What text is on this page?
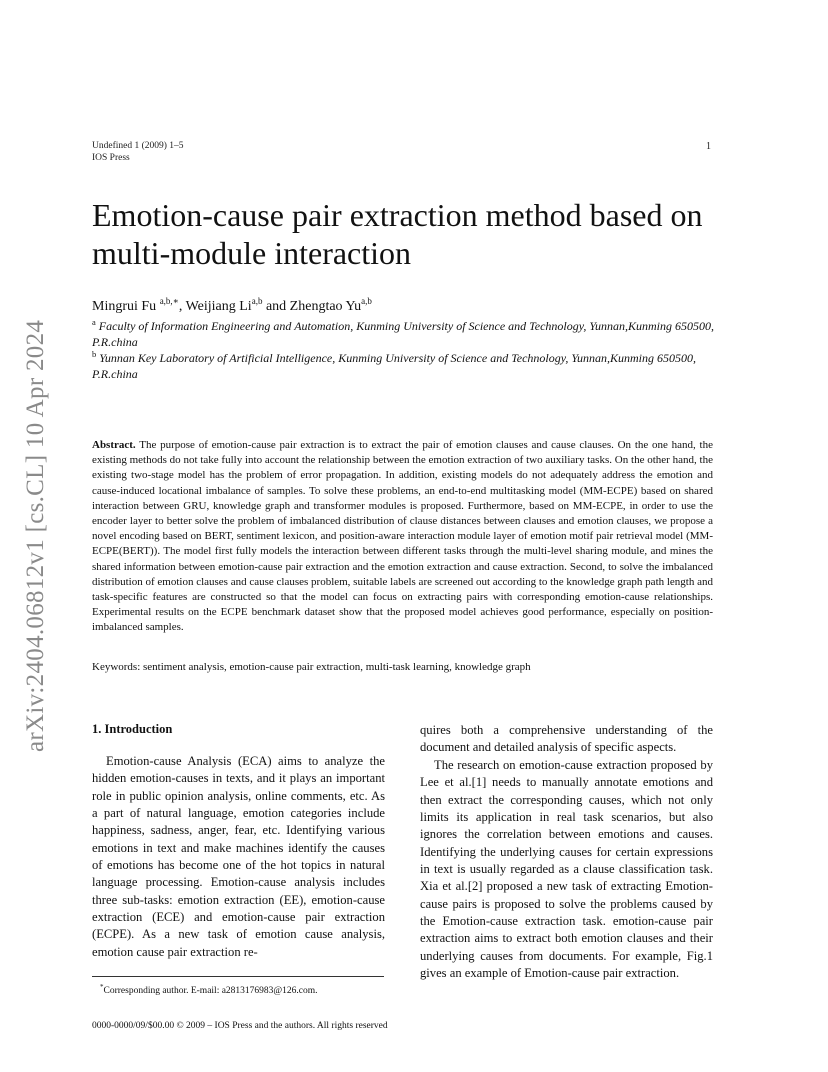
arXiv:2404.06812v1 [cs.CL] 10 Apr 2024
Undefined 1 (2009) 1–5
IOS Press
1
Emotion-cause pair extraction method based on multi-module interaction
Mingrui Fu $^{a,b,∗}$, Weijiang Li$^{a,b}$ and Zhengtao Yu$^{a,b}$
$^a$ Faculty of Information Engineering and Automation, Kunming University of Science and Technology, Yunnan,Kunming 650500, P.R.china
$^b$ Yunnan Key Laboratory of Artificial Intelligence, Kunming University of Science and Technology, Yunnan,Kunming 650500, P.R.china
Abstract. The purpose of emotion-cause pair extraction is to extract the pair of emotion clauses and cause clauses. On the one hand, the existing methods do not take fully into account the relationship between the emotion extraction of two auxiliary tasks. On the other hand, the existing two-stage model has the problem of error propagation. In addition, existing models do not adequately address the emotion and cause-induced locational imbalance of samples. To solve these problems, an end-to-end multitasking model (MM-ECPE) based on shared interaction between GRU, knowledge graph and transformer modules is proposed. Furthermore, based on MM-ECPE, in order to use the encoder layer to better solve the problem of imbalanced distribution of clause distances between clauses and emotion clauses, we propose a novel encoding based on BERT, sentiment lexicon, and position-aware interaction module layer of emotion motif pair retrieval model (MM-ECPE(BERT)). The model first fully models the interaction between different tasks through the multi-level sharing module, and mines the shared information between emotion-cause pair extraction and the emotion extraction and cause extraction. Second, to solve the imbalanced distribution of emotion clauses and cause clauses problem, suitable labels are screened out according to the knowledge graph path length and task-specific features are constructed so that the model can focus on extracting pairs with corresponding emotion-cause relationships. Experimental results on the ECPE benchmark dataset show that the proposed model achieves good performance, especially on position-imbalanced samples.
Keywords: sentiment analysis, emotion-cause pair extraction, multi-task learning, knowledge graph
1. Introduction
Emotion-cause Analysis (ECA) aims to analyze the hidden emotion-causes in texts, and it plays an important role in public opinion analysis, online comments, etc. As a part of natural language, emotion categories include happiness, sadness, anger, fear, etc. Identifying various emotions in text and make machines identify the causes of emotions has become one of the hot topics in natural language processing. Emotion-cause analysis includes three sub-tasks: emotion extraction (EE), emotion-cause extraction (ECE) and emotion-cause pair extraction (ECPE). As a new task of emotion cause analysis, emotion cause pair extraction re-
quires both a comprehensive understanding of the document and detailed analysis of specific aspects.
The research on emotion-cause extraction proposed by Lee et al.[1] needs to manually annotate emotions and then extract the corresponding causes, which not only limits its application in real task scenarios, but also ignores the correlation between emotions and causes. Identifying the underlying causes for certain expressions in text is usually regarded as a clause classification task. Xia et al.[2] proposed a new task of extracting Emotion-cause pairs is proposed to solve the problems caused by the Emotion-cause extraction task. emotion-cause pair extraction aims to extract both emotion clauses and their underlying causes from documents. For example, Fig.1 gives an example of Emotion-cause pair extraction.
*Corresponding author. E-mail: a2813176983@126.com.
0000-0000/09/$00.00 © 2009 – IOS Press and the authors. All rights reserved
